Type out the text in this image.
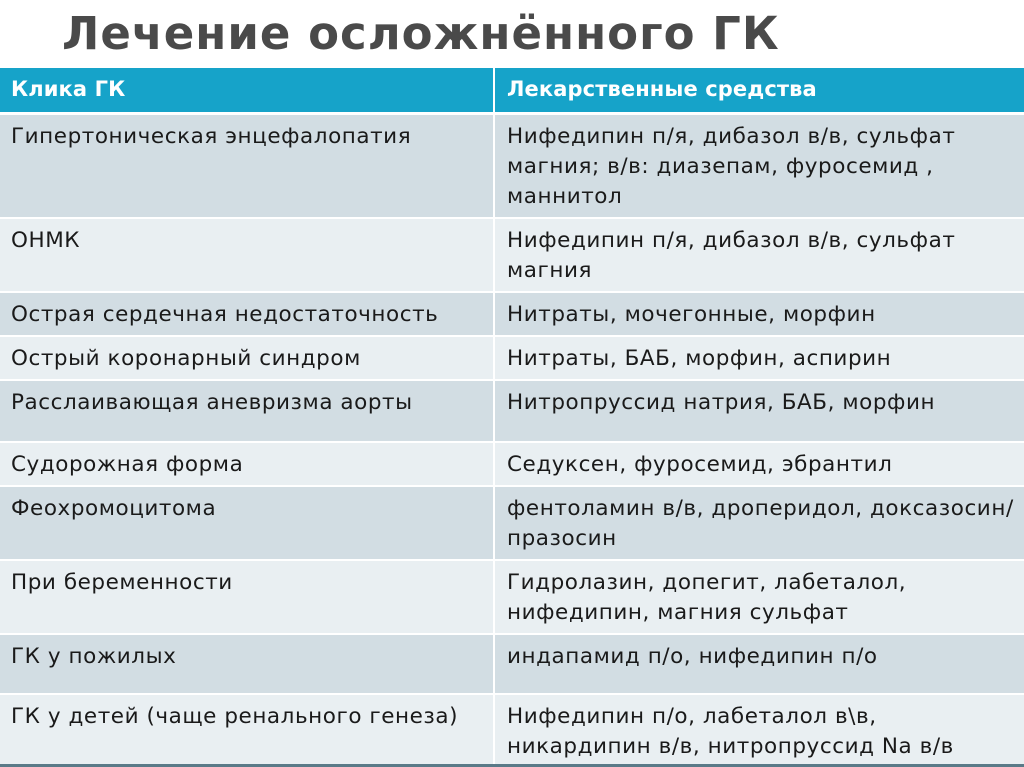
Лечение осложнённого ГК
Клика ГК	Лекарственные средства
Гипертоническая энцефалопатия	Нифедипин п/я, дибазол в/в, сульфат магния; в/в: диазепам, фуросемид , маннитол
ОНМК	Нифедипин п/я, дибазол в/в, сульфат магния
Острая сердечная недостаточность	Нитраты, мочегонные, морфин
Острый коронарный синдром	Нитраты, БАБ, морфин, аспирин
Расслаивающая аневризма аорты	Нитропруссид натрия, БАБ, морфин
Судорожная форма	Седуксен, фуросемид, эбрантил
Феохромоцитома	фентоламин в/в, дроперидол, доксазосин/празосин
При беременности	Гидролазин, допегит, лабеталол, нифедипин, магния сульфат
ГК у пожилых	индапамид п/о, нифедипин п/о
ГК у детей (чаще ренального генеза)	Нифедипин п/о, лабеталол в\в, никардипин в/в, нитропруссид Na в/в
